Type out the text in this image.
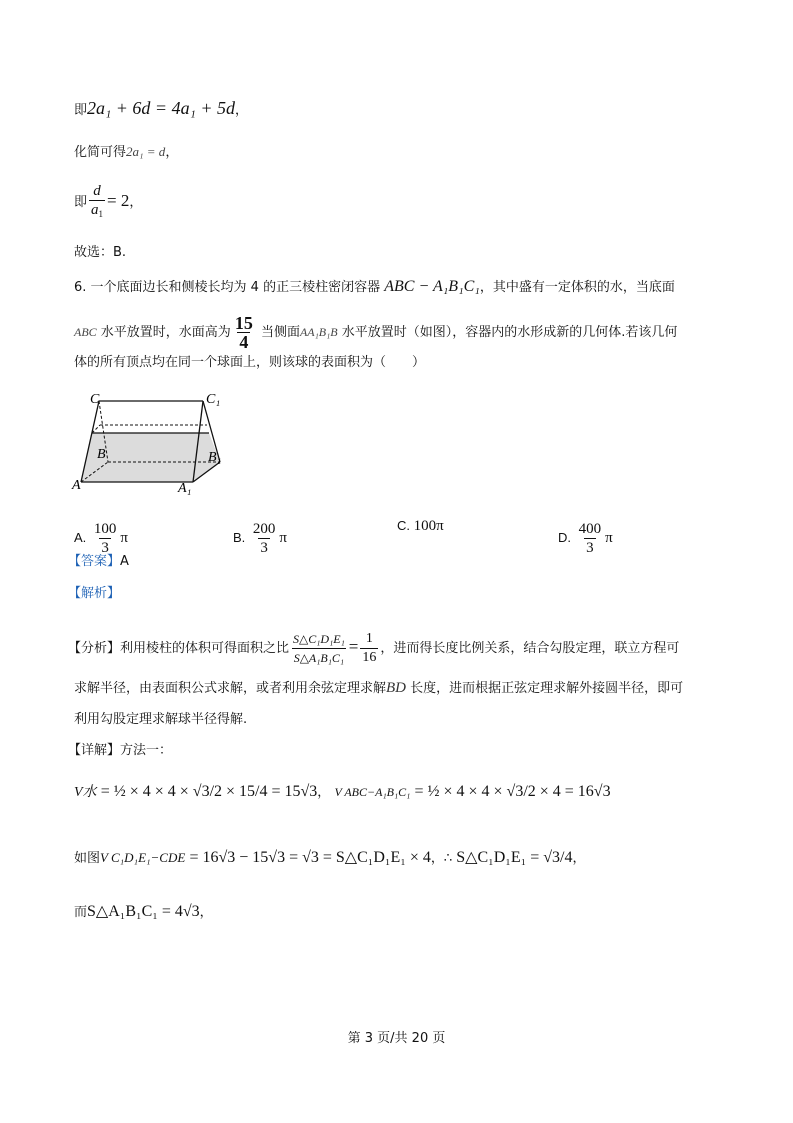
即2a₁ + 6d = 4a₁ + 5d，
化简可得2a₁ = d，
即 $\frac{d}{a_1} = 2$，
故选：B.
6. 一个底面边长和侧棱长均为 4 的正三棱柱密闭容器 ABC − A₁B₁C₁，其中盛有一定体积的水，当底面
ABC 水平放置时，水面高为 $\frac{15}{4}$ 当侧面AA₁B₁B 水平放置时（如图），容器内的水形成新的几何体.若该几何
体的所有顶点均在同一个球面上，则该球的表面积为（　　）
C	C₁
B	B₁
A	A₁
A. $\frac{100}{3}$ π	B. $\frac{200}{3}$ π
C. 100π
D. $\frac{400}{3}$ π
【答案】A
【解析】
【分析】利用棱柱的体积可得面积之比 $\frac{\text{S△C₁D₁E₁}}{\text{S△A₁B₁C₁}} = \frac{1}{16}$ ，进而得长度比例关系，结合勾股定理，联立方程可
求解半径，由表面积公式求解，或者利用余弦定理求解BD 长度，进而根据正弦定理求解外接圆半径，即可
利用勾股定理求解球半径得解.
【详解】方法一：
V水 = ½ × 4 × 4 × √3/2 × 15/4 = 15√3， V ABC−A₁B₁C₁ = ½ × 4 × 4 × √3/2 × 4 = 16√3
如图V C₁D₁E₁−CDE = 16√3 − 15√3 = √3 = S△C₁D₁E₁ × 4，∴ S△C₁D₁E₁ = √3/4，
而S△A₁B₁C₁ = 4√3，
第 3 页/共 20 页
